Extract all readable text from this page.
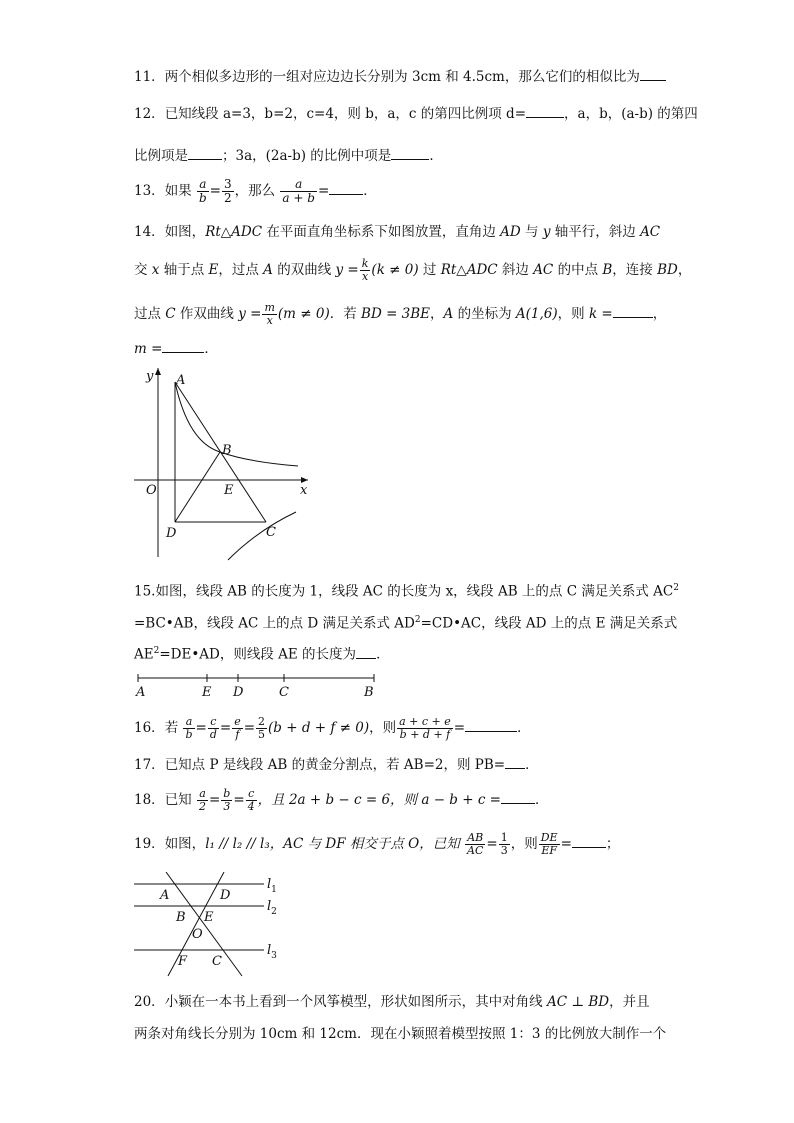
11．两个相似多边形的一组对应边边长分别为 3cm 和 4.5cm，那么它们的相似比为
12．已知线段 a=3，b=2，c=4，则 b，a，c 的第四比例项 d=	，a，b，(a-b) 的第四
比例项是	；3a，(2a-b) 的比例中项是	．
13．如果 $\frac{a}{b} = \frac{3}{2}$ ，那么 $\frac{a}{a + b}$ =	．
14．如图，Rt△ADC 在平面直角坐标系下如图放置，直角边 AD 与 y 轴平行，斜边 AC
交 x 轴于点 E，过点 A 的双曲线 $y = \frac{k}{x} (k \ne 0)$ 过 Rt△ADC 斜边 AC 的中点 B，连接 BD，
过点 C 作双曲线 $y = \frac{m}{x} (m \ne 0)$．若 BD = 3BE，A 的坐标为 A(1,6)，则 k =	，
m =	．
A
B
C
D
E
O	x
y
15.如图，线段 AB 的长度为 1，线段 AC 的长度为 x，线段 AB 上的点 C 满足关系式 $AC^2$
=BC•AB，线段 AC 上的点 D 满足关系式 $AD^2=CD•AC$，线段 AD 上的点 E 满足关系式
$AE^2=DE•AD$，则线段 AE 的长度为 ．
A	E D	C	B
16．若 $\frac{a}{b} = \frac{c}{d} = \frac{e}{f} = \frac{2}{5} (b + d + f \ne 0)$，则 $\frac{a + c + e}{b + d + f}$ =	．
17．已知点 P 是线段 AB 的黄金分割点，若 AB=2，则 PB= ．
18．已知 $\frac{a}{2} = \frac{b}{3} = \frac{c}{4}$ ，且 2a + b − c = 6，则 a − b + c =	．
19．如图，l₁ // l₂ // l₃，AC 与 DF 相交于点 O，已知 $\frac{AB}{AC} = \frac{1}{3}$ ，则 $\frac{DE}{EF}$ =	；
A	D
B E
O
F C
$l_1$
$l_2$
$l_3$
20．小颖在一本书上看到一个风筝模型，形状如图所示，其中对角线 AC ⊥ BD，并且
两条对角线长分别为 10cm 和 12cm．现在小颖照着模型按照 1：3 的比例放大制作一个
